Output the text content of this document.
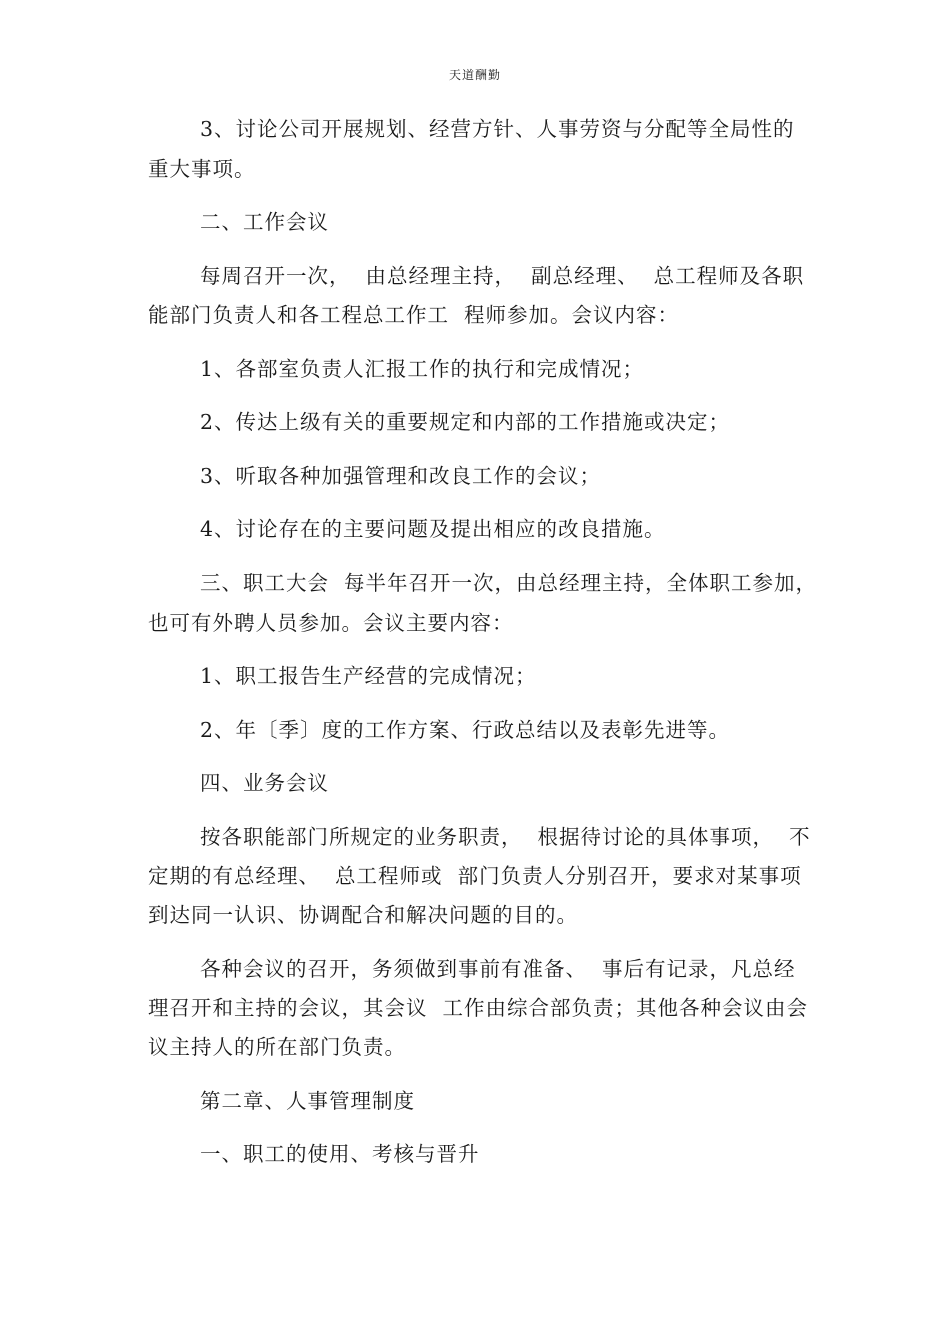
天道酬勤
3、讨论公司开展规划、经营方针、人事劳资与分配等全局性的
重大事项。
二、工作会议
每周召开一次，  由总经理主持，  副总经理、  总工程师及各职
能部门负责人和各工程总工作工  程师参加。会议内容：
1、各部室负责人汇报工作的执行和完成情况；
2、传达上级有关的重要规定和内部的工作措施或决定；
3、听取各种加强管理和改良工作的会议；
4、讨论存在的主要问题及提出相应的改良措施。
三、职工大会  每半年召开一次，由总经理主持，全体职工参加，
也可有外聘人员参加。会议主要内容：
1、职工报告生产经营的完成情况；
2、年〔季〕度的工作方案、行政总结以及表彰先进等。
四、业务会议
按各职能部门所规定的业务职责，  根据待讨论的具体事项，  不
定期的有总经理、  总工程师或  部门负责人分别召开，要求对某事项
到达同一认识、协调配合和解决问题的目的。
各种会议的召开，务须做到事前有准备、  事后有记录，凡总经
理召开和主持的会议，其会议  工作由综合部负责；其他各种会议由会
议主持人的所在部门负责。
第二章、人事管理制度
一、职工的使用、考核与晋升
